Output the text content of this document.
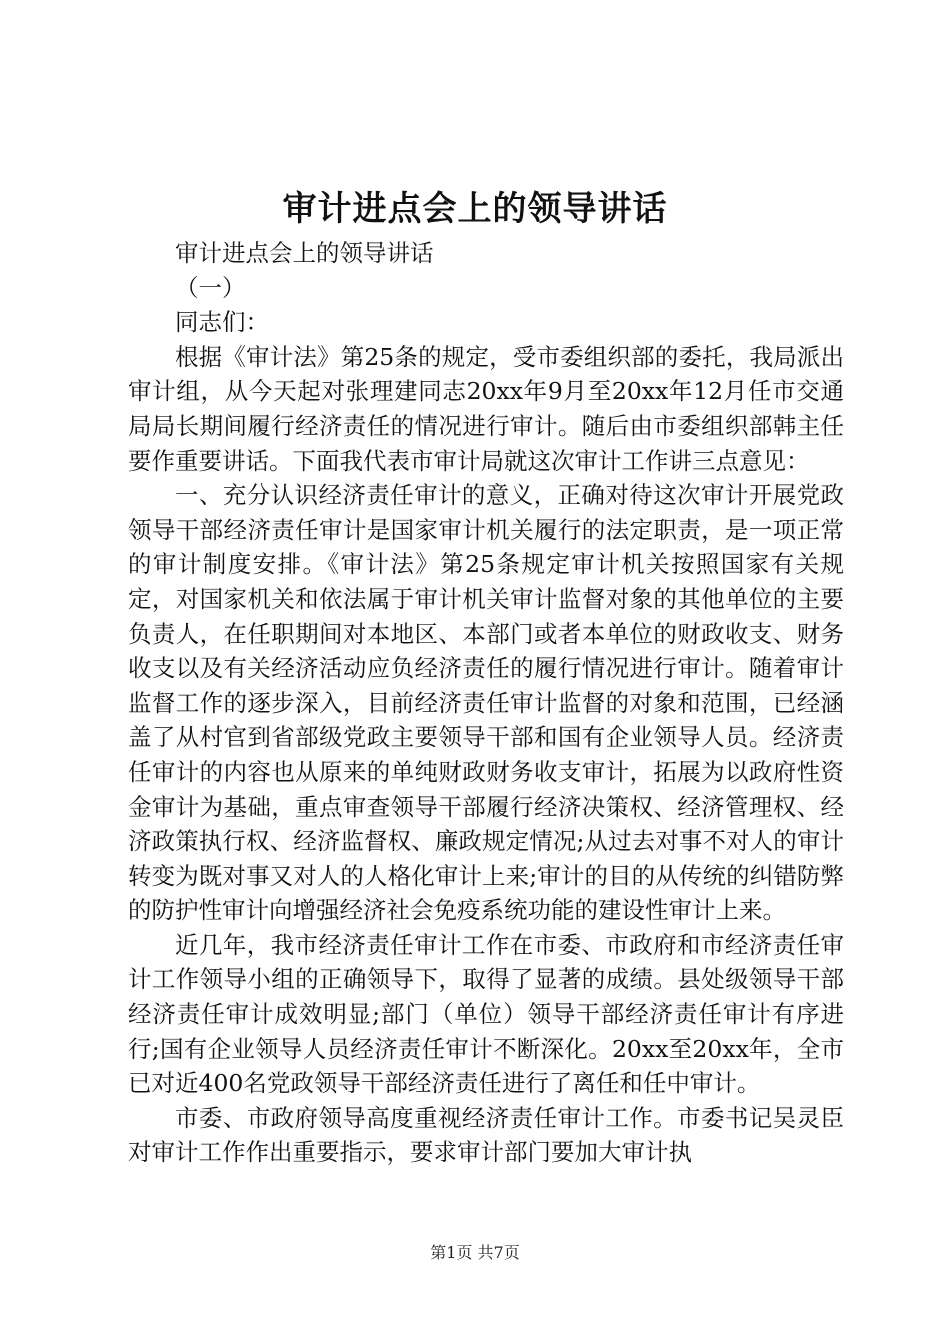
审计进点会上的领导讲话

审计进点会上的领导讲话

（一）

同志们：

根据《审计法》第25条的规定，受市委组织部的委托，我局派出审计组，从今天起对张理建同志20xx年9月至20xx年12月任市交通局局长期间履行经济责任的情况进行审计。随后由市委组织部韩主任要作重要讲话。下面我代表市审计局就这次审计工作讲三点意见：

一、充分认识经济责任审计的意义，正确对待这次审计开展党政领导干部经济责任审计是国家审计机关履行的法定职责，是一项正常的审计制度安排。《审计法》第25条规定审计机关按照国家有关规定，对国家机关和依法属于审计机关审计监督对象的其他单位的主要负责人，在任职期间对本地区、本部门或者本单位的财政收支、财务收支以及有关经济活动应负经济责任的履行情况进行审计。随着审计监督工作的逐步深入，目前经济责任审计监督的对象和范围，已经涵盖了从村官到省部级党政主要领导干部和国有企业领导人员。经济责任审计的内容也从原来的单纯财政财务收支审计，拓展为以政府性资金审计为基础，重点审查领导干部履行经济决策权、经济管理权、经济政策执行权、经济监督权、廉政规定情况;从过去对事不对人的审计转变为既对事又对人的人格化审计上来;审计的目的从传统的纠错防弊的防护性审计向增强经济社会免疫系统功能的建设性审计上来。

近几年，我市经济责任审计工作在市委、市政府和市经济责任审计工作领导小组的正确领导下，取得了显著的成绩。县处级领导干部经济责任审计成效明显;部门（单位）领导干部经济责任审计有序进行;国有企业领导人员经济责任审计不断深化。20xx至20xx年，全市已对近400名党政领导干部经济责任进行了离任和任中审计。

市委、市政府领导高度重视经济责任审计工作。市委书记吴灵臣对审计工作作出重要指示，要求审计部门要加大审计执

第1页 共7页
